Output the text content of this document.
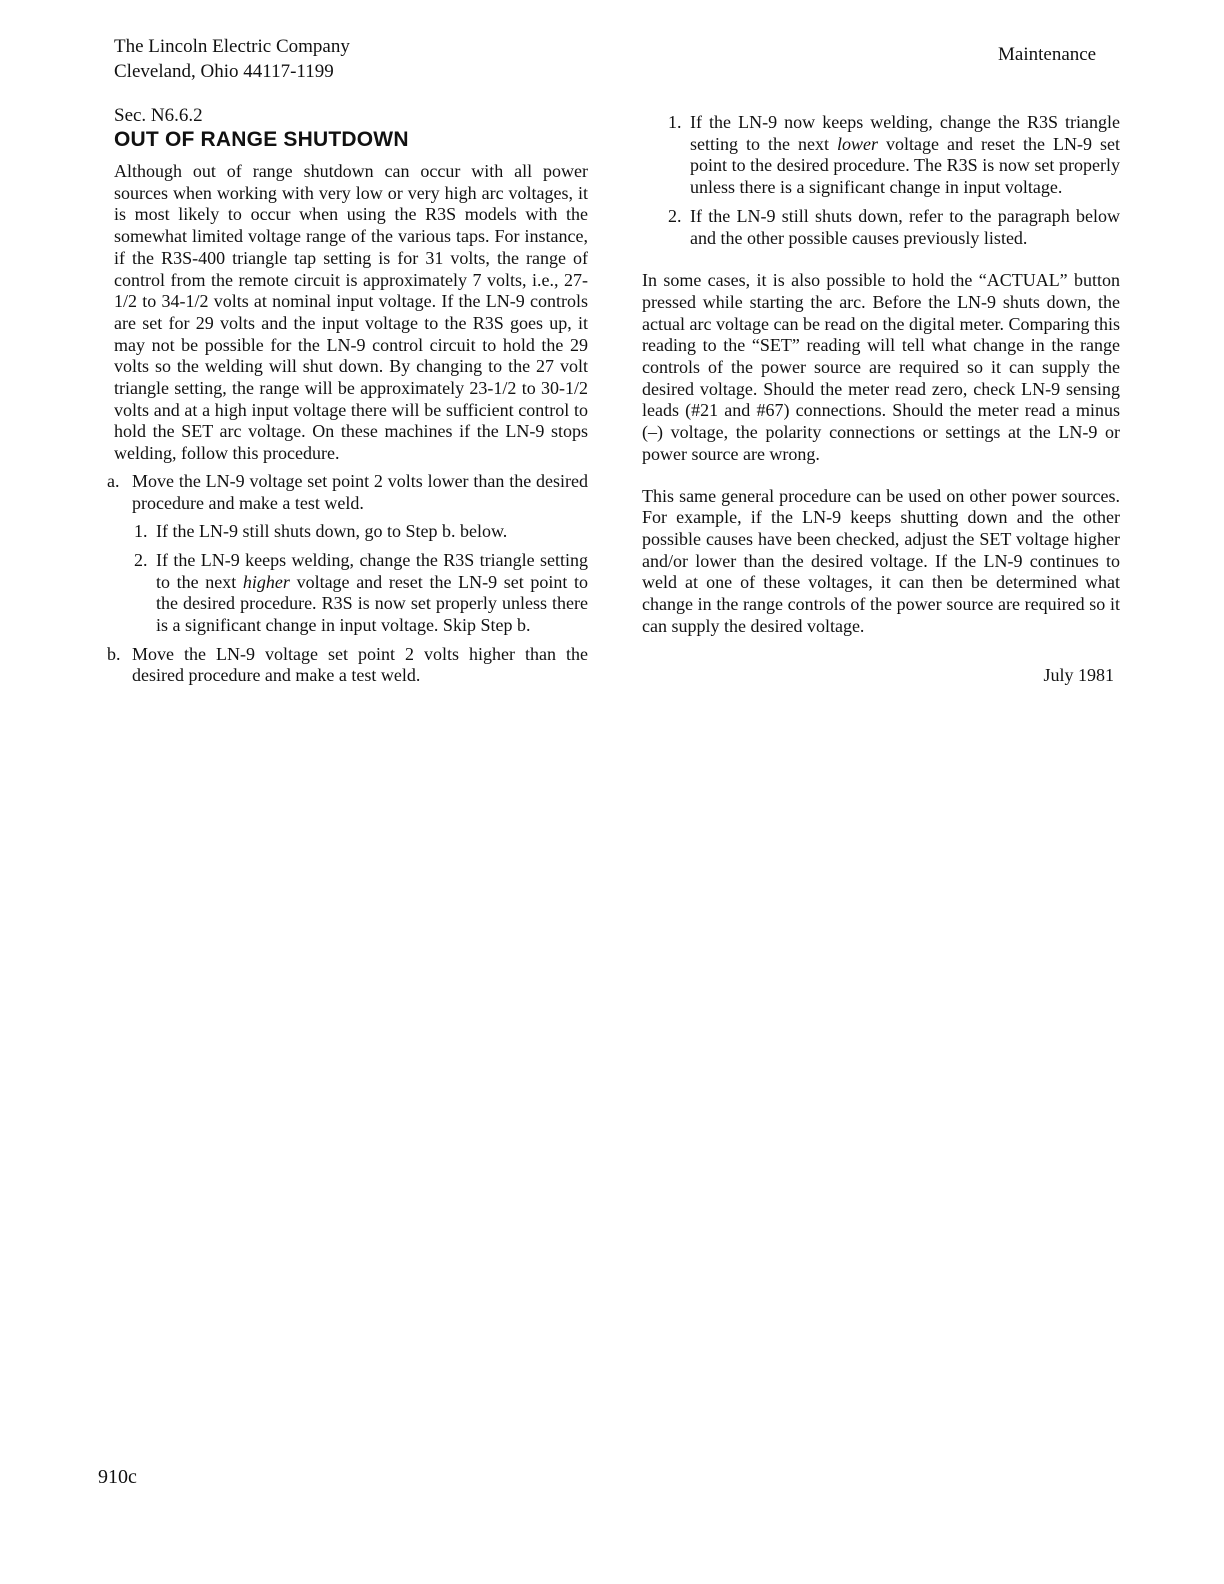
The Lincoln Electric Company
Cleveland, Ohio 44117-1199
Maintenance
Sec. N6.6.2
OUT OF RANGE SHUTDOWN

Although out of range shutdown can occur with all power sources when working with very low or very high arc voltages, it is most likely to occur when using the R3S models with the somewhat limited voltage range of the various taps. For instance, if the R3S-400 triangle tap setting is for 31 volts, the range of control from the remote circuit is approximately 7 volts, i.e., 27-1/2 to 34-1/2 volts at nominal input voltage. If the LN-9 controls are set for 29 volts and the input voltage to the R3S goes up, it may not be possible for the LN-9 control circuit to hold the 29 volts so the welding will shut down. By changing to the 27 volt triangle setting, the range will be approximately 23-1/2 to 30-1/2 volts and at a high input voltage there will be sufficient control to hold the SET arc voltage. On these machines if the LN-9 stops welding, follow this procedure.

a. Move the LN-9 voltage set point 2 volts lower than the desired procedure and make a test weld.
1. If the LN-9 still shuts down, go to Step b. below.
2. If the LN-9 keeps welding, change the R3S triangle setting to the next higher voltage and reset the LN-9 set point to the desired procedure. R3S is now set properly unless there is a significant change in input voltage. Skip Step b.
b. Move the LN-9 voltage set point 2 volts higher than the desired procedure and make a test weld.
1. If the LN-9 now keeps welding, change the R3S triangle setting to the next lower voltage and reset the LN-9 set point to the desired procedure. The R3S is now set properly unless there is a significant change in input voltage.
2. If the LN-9 still shuts down, refer to the paragraph below and the other possible causes previously listed.

In some cases, it is also possible to hold the “ACTUAL” button pressed while starting the arc. Before the LN-9 shuts down, the actual arc voltage can be read on the digital meter. Comparing this reading to the “SET” reading will tell what change in the range controls of the power source are required so it can supply the desired voltage. Should the meter read zero, check LN-9 sensing leads (#21 and #67) connections. Should the meter read a minus (–) voltage, the polarity connections or settings at the LN-9 or power source are wrong.

This same general procedure can be used on other power sources. For example, if the LN-9 keeps shutting down and the other possible causes have been checked, adjust the SET voltage higher and/or lower than the desired voltage. If the LN-9 continues to weld at one of these voltages, it can then be determined what change in the range controls of the power source are required so it can supply the desired voltage.

July 1981
910c
